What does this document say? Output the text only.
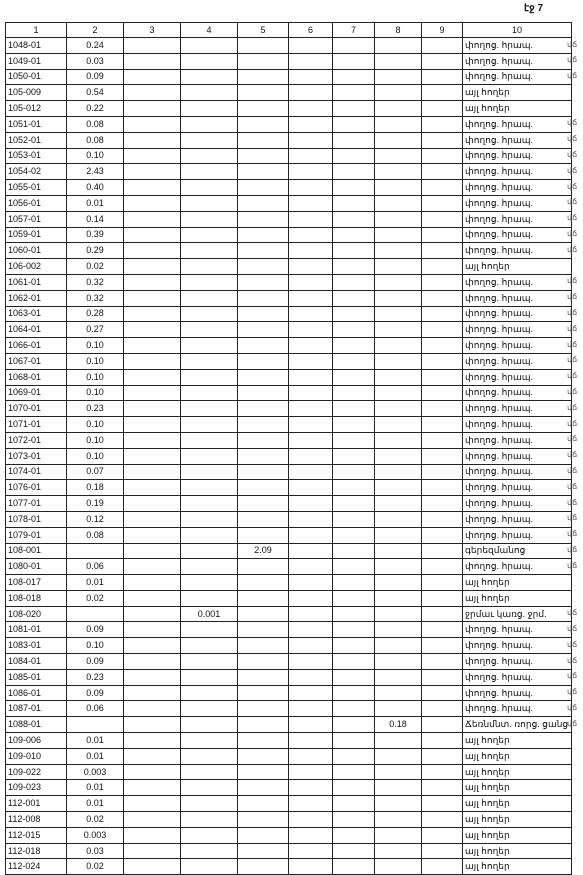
էջ 7
1	2	3	4	5	6	7	8	9	10
1048-01	0.24								փողոց. հրապ.
1049-01	0.03								փողոց. հրապ.
1050-01	0.09								փողոց. հրապ.
105-009	0.54								այլ հողեր
105-012	0.22								այլ հողեր
1051-01	0.08								փողոց. հրապ.
1052-01	0.08								փողոց. հրապ.
1053-01	0.10								փողոց. հրապ.
1054-02	2.43								փողոց. հրապ.
1055-01	0.40								փողոց. հրապ.
1056-01	0.01								փողոց. հրապ.
1057-01	0.14								փողոց. հրապ.
1059-01	0.39								փողոց. հրապ.
1060-01	0.29								փողոց. հրապ.
106-002	0.02								այլ հողեր
1061-01	0.32								փողոց. հրապ.
1062-01	0.32								փողոց. հրապ.
1063-01	0.28								փողոց. հրապ.
1064-01	0.27								փողոց. հրապ.
1066-01	0.10								փողոց. հրապ.
1067-01	0.10								փողոց. հրապ.
1068-01	0.10								փողոց. հրապ.
1069-01	0.10								փողոց. հրապ.
1070-01	0.23								փողոց. հրապ.
1071-01	0.10								փողոց. հրապ.
1072-01	0.10								փողոց. հրապ.
1073-01	0.10								փողոց. հրապ.
1074-01	0.07								փողոց. հրապ.
1076-01	0.18								փողոց. հրապ.
1077-01	0.19								փողոց. հրապ.
1078-01	0.12								փողոց. հրապ.
1079-01	0.08								փողոց. հրապ.
108-001				2.09					գերեզմանոց
1080-01	0.06								փողոց. հրապ.
108-017	0.01								այլ հողեր
108-018	0.02								այլ հողեր
108-020			0.001						ջրմաւ կառց. ջրմ.
1081-01	0.09								փողոց. հրապ.
1083-01	0.10								փողոց. հրապ.
1084-01	0.09								փողոց. հրապ.
1085-01	0.23								փողոց. հրապ.
1086-01	0.09								փողոց. հրապ.
1087-01	0.06								փողոց. հրապ.
1088-01							0.18		Ճեռնմնտ. ռորց. ցանց
109-006	0.01								այլ հողեր
109-010	0.01								այլ հողեր
109-022	0.003								այլ հողեր
109-023	0.01								այլ հողեր
112-001	0.01								այլ հողեր
112-008	0.02								այլ հողեր
112-015	0.003								այլ հողեր
112-018	0.03								այլ հողեր
112-024	0.02								այլ հողեր
վճ
վճ
վճ
վճ
վճ
վճ
վճ
վճ
վճ
վճ
վճ
վճ
վճ
վճ
վճ
վճ
վճ
վճ
վճ
վճ
վճ
վճ
վճ
վճ
վճ
վճ
վճ
վճ
վճ
վճ
վճ
վճ
վճ
վճ
վճ
վճ
վճ
վճ
վճ
